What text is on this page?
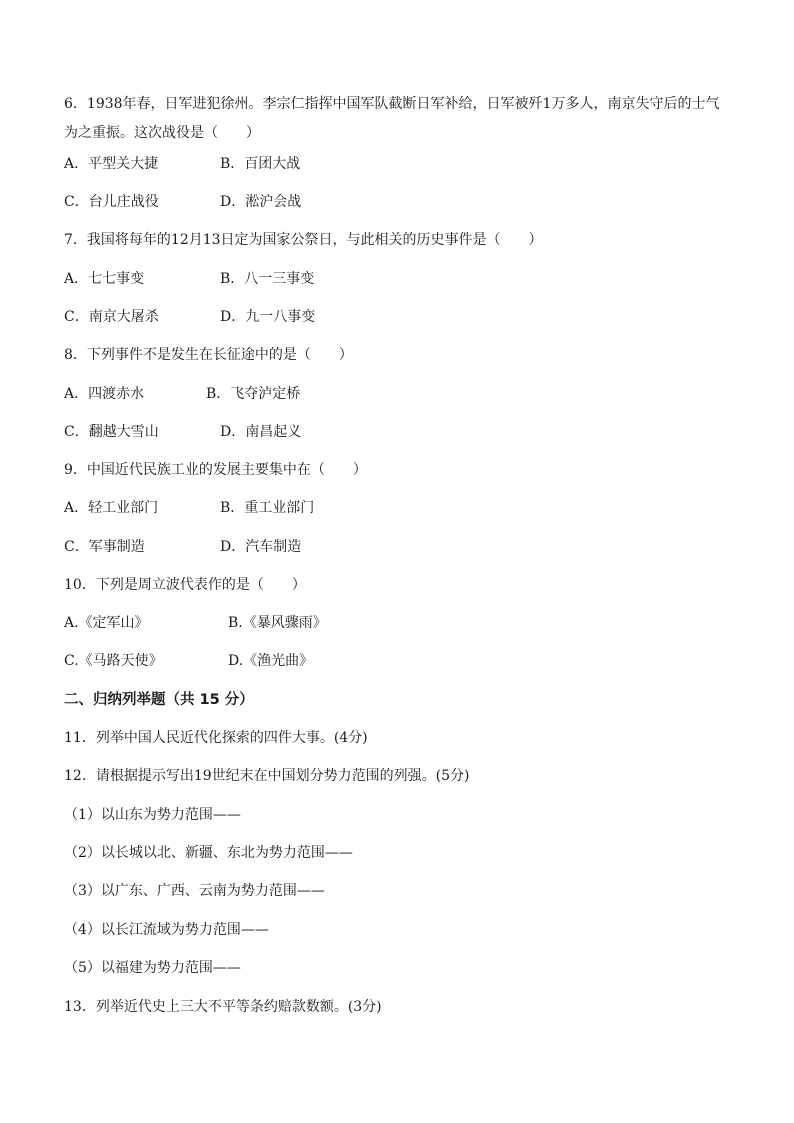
6．1938年春，日军进犯徐州。李宗仁指挥中国军队截断日军补给，日军被歼1万多人，南京失守后的士气为之重振。这次战役是（　　）
A．平型关大捷	B．百团大战
C．台儿庄战役	D．淞沪会战
7．我国将每年的12月13日定为国家公祭日，与此相关的历史事件是（　　）
A．七七事变	B．八一三事变
C．南京大屠杀	D．九一八事变
8．下列事件不是发生在长征途中的是（　　）
A．四渡赤水	B．飞夺泸定桥
C．翻越大雪山	D．南昌起义
9．中国近代民族工业的发展主要集中在（　　）
A．轻工业部门	B．重工业部门
C．军事制造	D．汽车制造
10．下列是周立波代表作的是（　　）
A.《定军山》	B.《暴风骤雨》
C.《马路天使》	D.《渔光曲》
二、归纳列举题（共 15 分）
11．列举中国人民近代化探索的四件大事。(4分)
12．请根据提示写出19世纪末在中国划分势力范围的列强。(5分)
（1）以山东为势力范围——
（2）以长城以北、新疆、东北为势力范围——
（3）以广东、广西、云南为势力范围——
（4）以长江流域为势力范围——
（5）以福建为势力范围——
13．列举近代史上三大不平等条约赔款数额。(3分)
